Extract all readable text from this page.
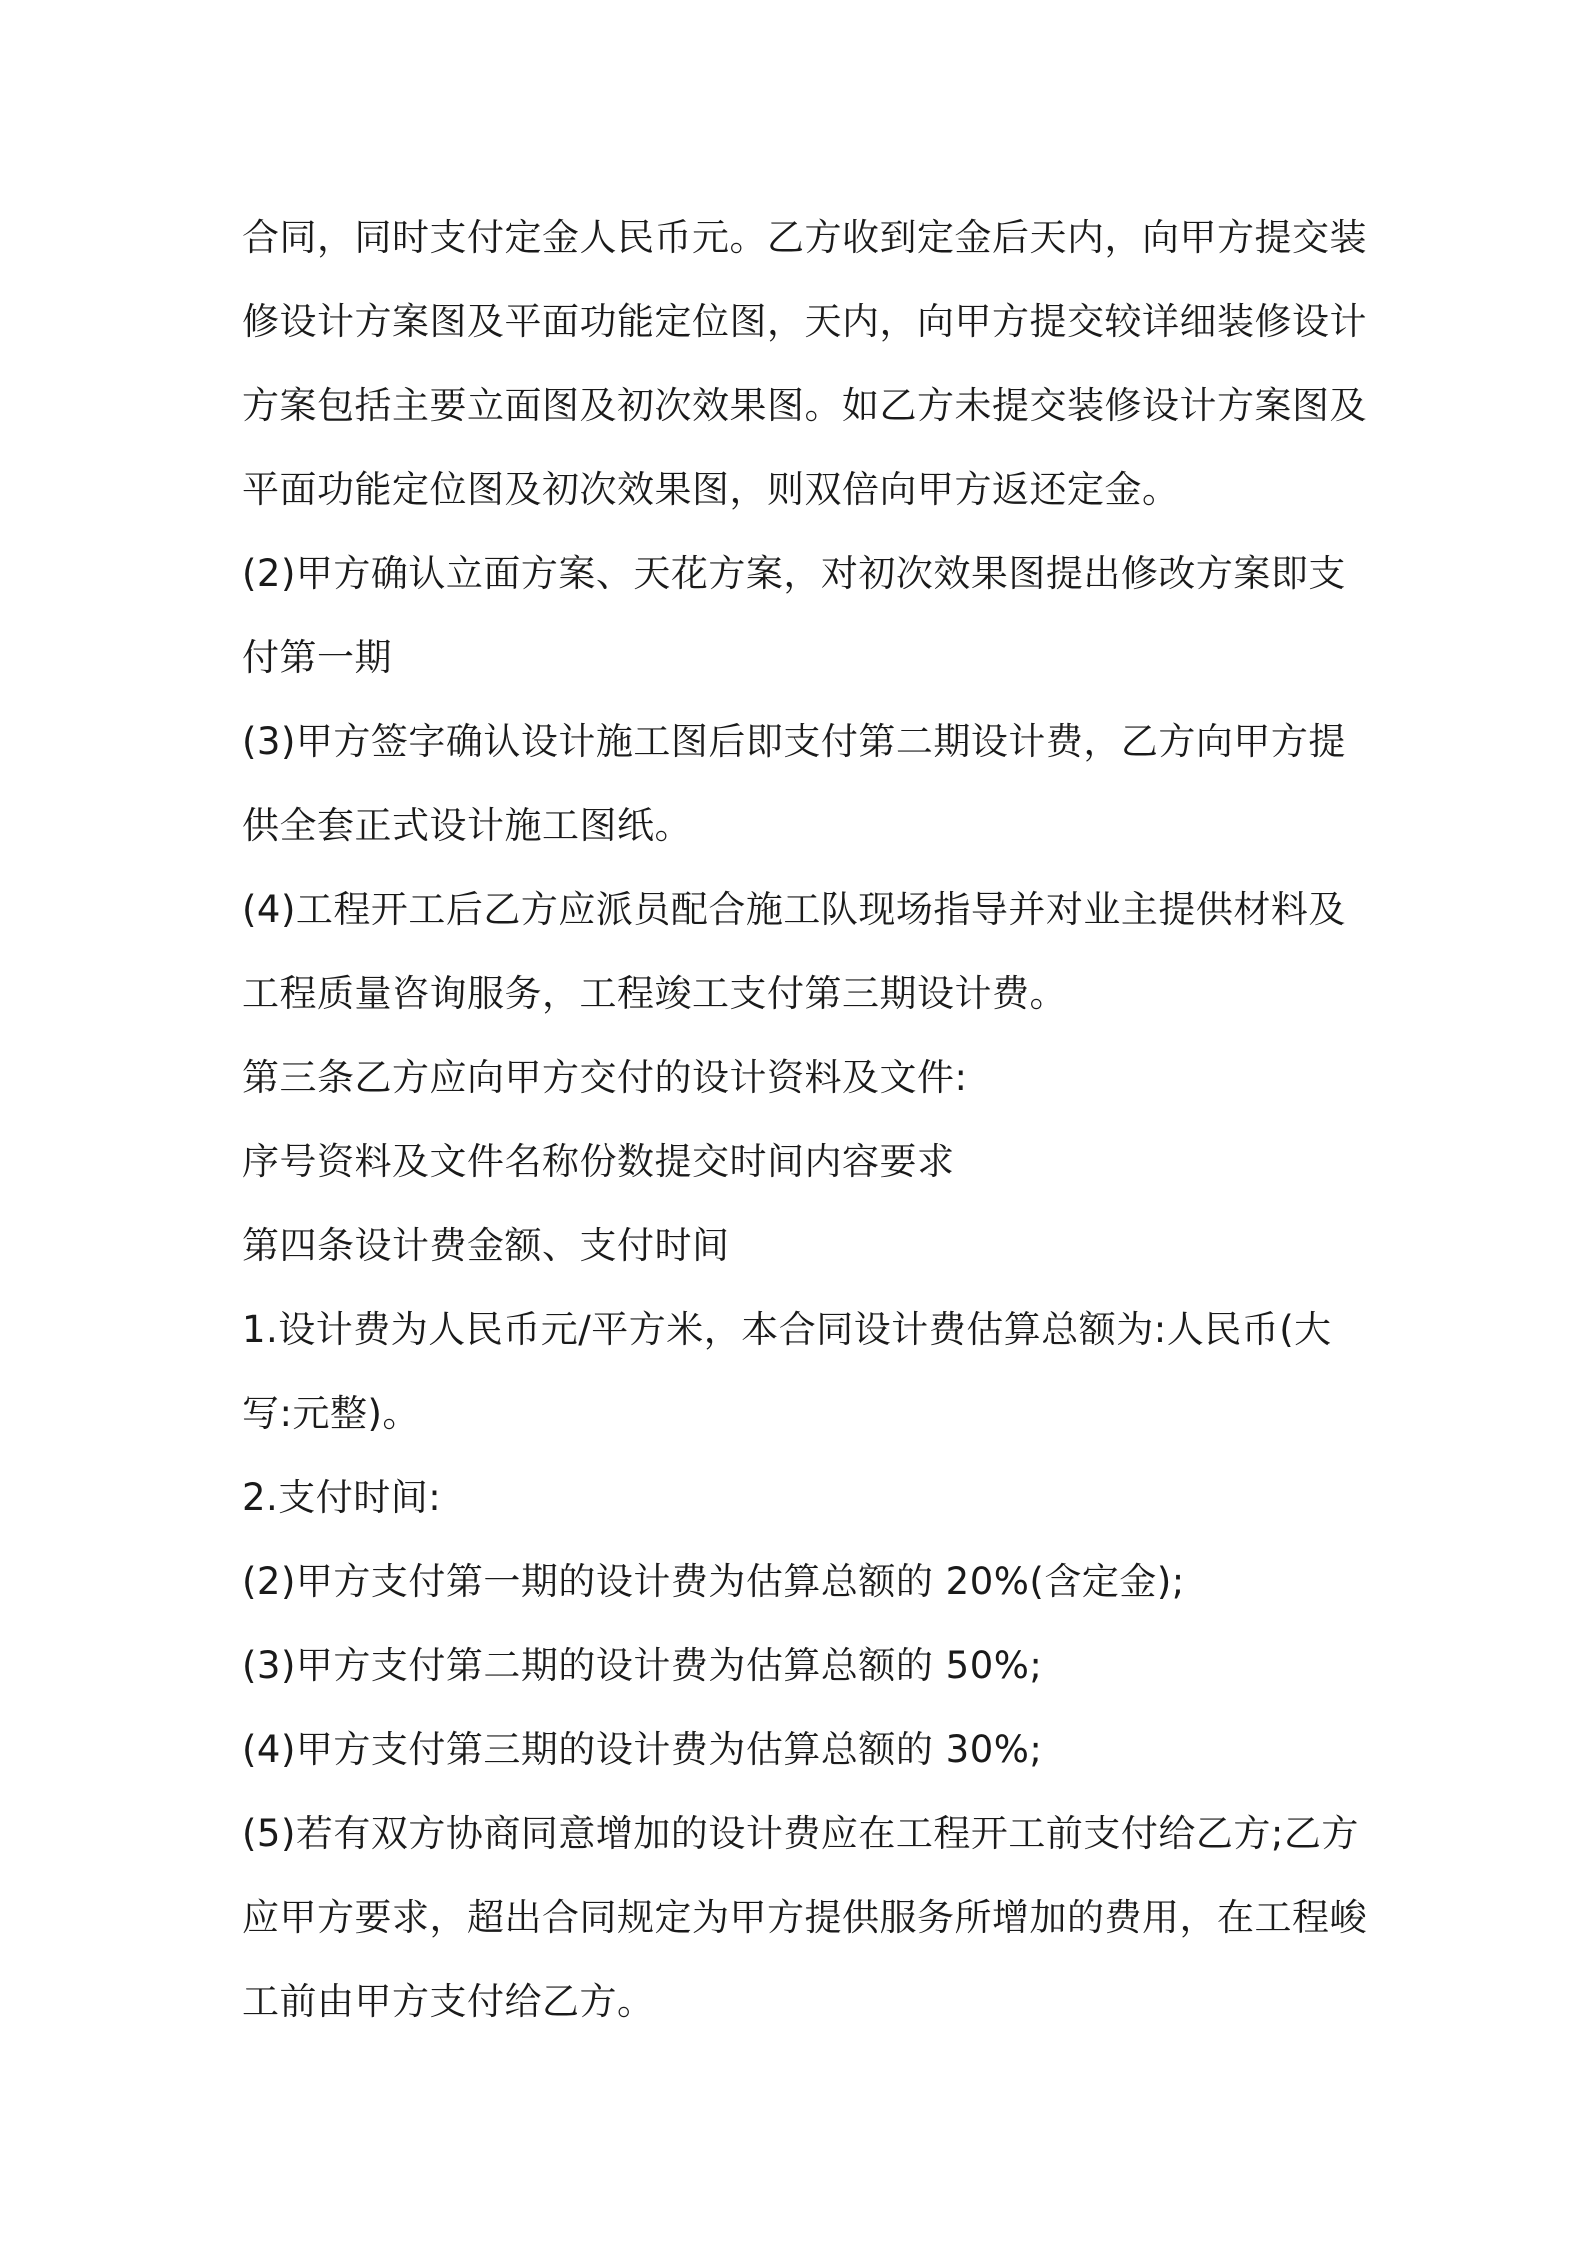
合同，同时支付定金人民币元。乙方收到定金后天内，向甲方提交装
修设计方案图及平面功能定位图，天内，向甲方提交较详细装修设计
方案包括主要立面图及初次效果图。如乙方未提交装修设计方案图及
平面功能定位图及初次效果图，则双倍向甲方返还定金。
(2)甲方确认立面方案、天花方案，对初次效果图提出修改方案即支
付第一期
(3)甲方签字确认设计施工图后即支付第二期设计费，乙方向甲方提
供全套正式设计施工图纸。
(4)工程开工后乙方应派员配合施工队现场指导并对业主提供材料及
工程质量咨询服务，工程竣工支付第三期设计费。
第三条乙方应向甲方交付的设计资料及文件:
序号资料及文件名称份数提交时间内容要求
第四条设计费金额、支付时间
1.设计费为人民币元/平方米，本合同设计费估算总额为:人民币(大
写:元整)。
2.支付时间:
(2)甲方支付第一期的设计费为估算总额的 20%(含定金);
(3)甲方支付第二期的设计费为估算总额的 50%;
(4)甲方支付第三期的设计费为估算总额的 30%;
(5)若有双方协商同意增加的设计费应在工程开工前支付给乙方;乙方
应甲方要求，超出合同规定为甲方提供服务所增加的费用，在工程峻
工前由甲方支付给乙方。
